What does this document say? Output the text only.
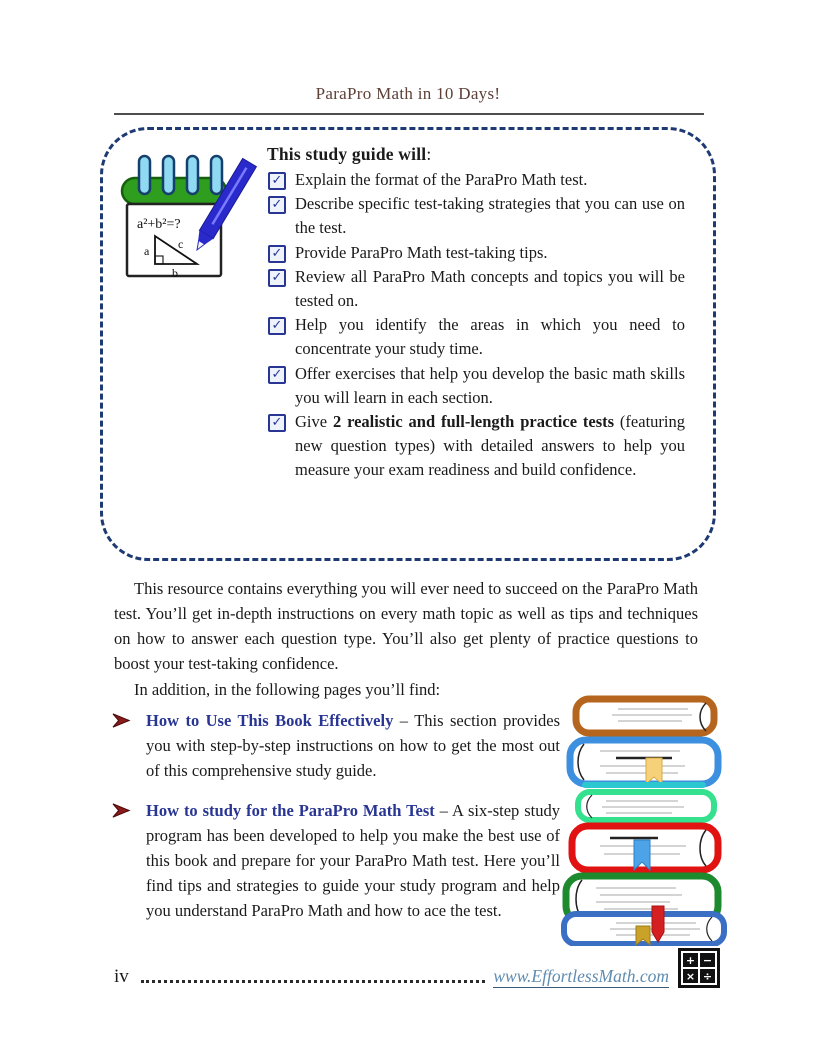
ParaPro Math in 10 Days!
a²+b²=?
a
b
c

This study guide will:

✓ Explain the format of the ParaPro Math test.

✓ Describe specific test-taking strategies that you can use on the test.

✓ Provide ParaPro Math test-taking tips.

✓ Review all ParaPro Math concepts and topics you will be tested on.

✓ Help you identify the areas in which you need to concentrate your study time.

✓ Offer exercises that help you develop the basic math skills you will learn in each section.

✓ Give 2 realistic and full-length practice tests (featuring new question types) with detailed answers to help you measure your exam readiness and build confidence.

This resource contains everything you will ever need to succeed on the ParaPro Math test. You’ll get in-depth instructions on every math topic as well as tips and techniques on how to answer each question type. You’ll also get plenty of practice questions to boost your test-taking confidence.

In addition, in the following pages you’ll find:

How to Use This Book Effectively – This section provides you with step-by-step instructions on how to get the most out of this comprehensive study guide.

How to study for the ParaPro Math Test – A six-step study program has been developed to help you make the best use of this book and prepare for your ParaPro Math test. Here you’ll find tips and strategies to guide your study program and help you understand ParaPro Math and how to ace the test.

iv	www.EffortlessMath.com
+ −
× ÷
